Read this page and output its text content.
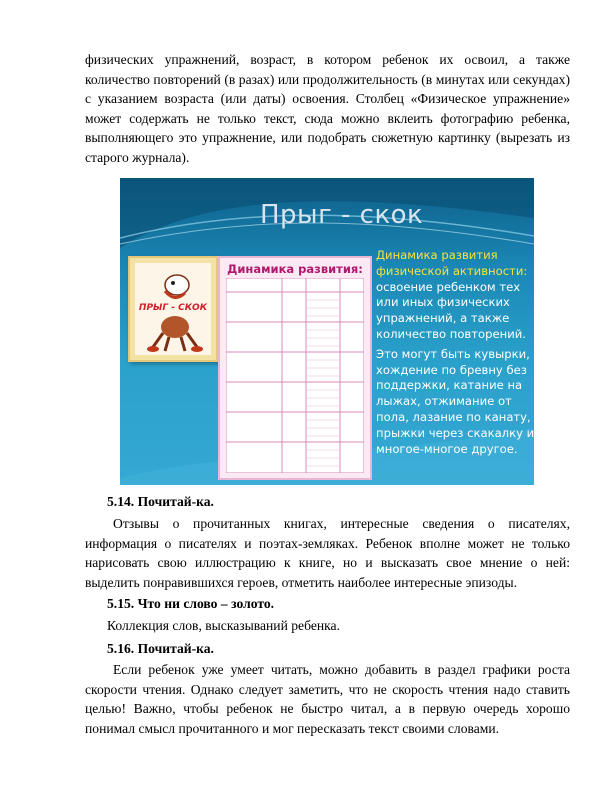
физических упражнений, возраст, в котором ребенок их освоил, а также количество повторений (в разах) или продолжительность (в минутах или секундах) с указанием возраста (или даты) освоения. Столбец «Физическое упражнение» может содержать не только текст, сюда можно вклеить фотографию ребенка, выполняющего это упражнение, или подобрать сюжетную картинку (вырезать из старого журнала).

Прыг - скок
ПРЫГ - СКОК
Динамика развития:

Динамика развития физической активности:

освоение ребенком тех или иных физических упражнений, а также количество повторений.

Это могут быть кувырки, хождение по бревну без поддержки, катание на лыжах, отжимание от пола, лазание по канату, прыжки через скакалку и многое-многое другое.

5.14. Почитай-ка.

Отзывы о прочитанных книгах, интересные сведения о писателях, информация о писателях и поэтах-земляках. Ребенок вполне может не только нарисовать свою иллюстрацию к книге, но и высказать свое мнение о ней: выделить понравившихся героев, отметить наиболее интересные эпизоды.

5.15. Что ни слово – золото.

Коллекция слов, высказываний ребенка.

5.16. Почитай-ка.

Если ребенок уже умеет читать, можно добавить в раздел графики роста скорости чтения. Однако следует заметить, что не скорость чтения надо ставить целью! Важно, чтобы ребенок не быстро читал, а в первую очередь хорошо понимал смысл прочитанного и мог пересказать текст своими словами.
